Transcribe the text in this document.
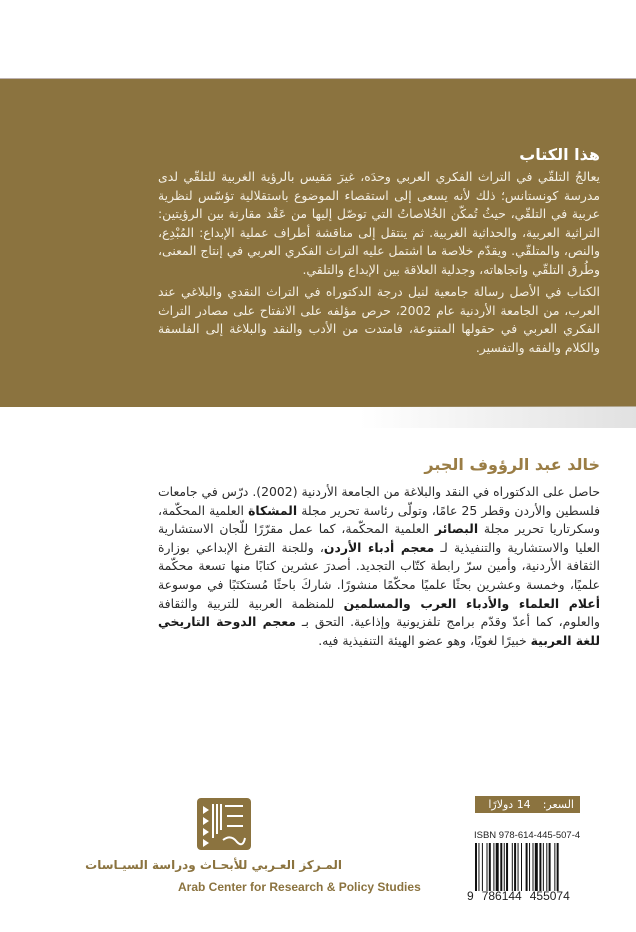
هذا الكتاب
يعالجُ التلقّي في التراث الفكري العربي وحدَه، غيرَ مَقيس بالرؤية الغربية للتلقّي لدى مدرسة كونستانس؛ ذلك لأنه يسعى إلى استقصاء الموضوع باستقلالية تؤسّس لنظرية عربية في التلقّي، حيثُ تُمكّن الخُلاصاتُ التي توصّل إليها من عَقْد مقارنة بين الرؤيتين: التراثية العربية، والحداثية الغربية. ثم ينتقل إلى مناقشة أطراف عملية الإبداع: المُبْدِع، والنص، والمتلقّي. ويقدّم خلاصة ما اشتمل عليه التراث الفكري العربي في إنتاج المعنى، وطُرق التلقّي واتجاهاته، وجدلية العلاقة بين الإبداع والتلقي.
الكتاب في الأصل رسالة جامعية لنيل درجة الدكتوراه في التراث النقدي والبلاغي عند العرب، من الجامعة الأردنية عام 2002، حرص مؤلفه على الانفتاح على مصادر التراث الفكري العربي في حقولها المتنوعة، فامتدت من الأدب والنقد والبلاغة إلى الفلسفة والكلام والفقه والتفسير.
خالد عبد الرؤوف الجبر
حاصل على الدكتوراه في النقد والبلاغة من الجامعة الأردنية (2002). درّس في جامعات فلسطين والأردن وقطر 25 عامًا، وتولّى رئاسة تحرير مجلة المشكاة العلمية المحكّمة، وسكرتاريا تحرير مجلة البصائر العلمية المحكّمة، كما عمل مقرّرًا للّجان الاستشارية العليا والاستشارية والتنفيذية لـ معجم أدباء الأردن، وللجنة التفرغ الإبداعي بوزارة الثقافة الأردنية، وأمين سرّ رابطة كتّاب التجديد. أصدرَ عشرين كتابًا منها تسعة محكّمة علميًا، وخمسة وعشرين بحثًا علميًا محكّمًا منشورًا. شاركَ باحثًا مُستكتَبًا في موسوعة أعلام العلماء والأدباء العرب والمسلمين للمنظمة العربية للتربية والثقافة والعلوم، كما أعدّ وقدّم برامج تلفزيونية وإذاعية. التحق بـ معجم الدوحة التاريخي للغة العربية خبيرًا لغويًا، وهو عضو الهيئة التنفيذية فيه.
المـركز العـربي للأبحـاث ودراسة السيـاسات
Arab Center for Research & Policy Studies
السعر:
14 دولارًا
ISBN 978-614-445-507-4
9 786144 455074
